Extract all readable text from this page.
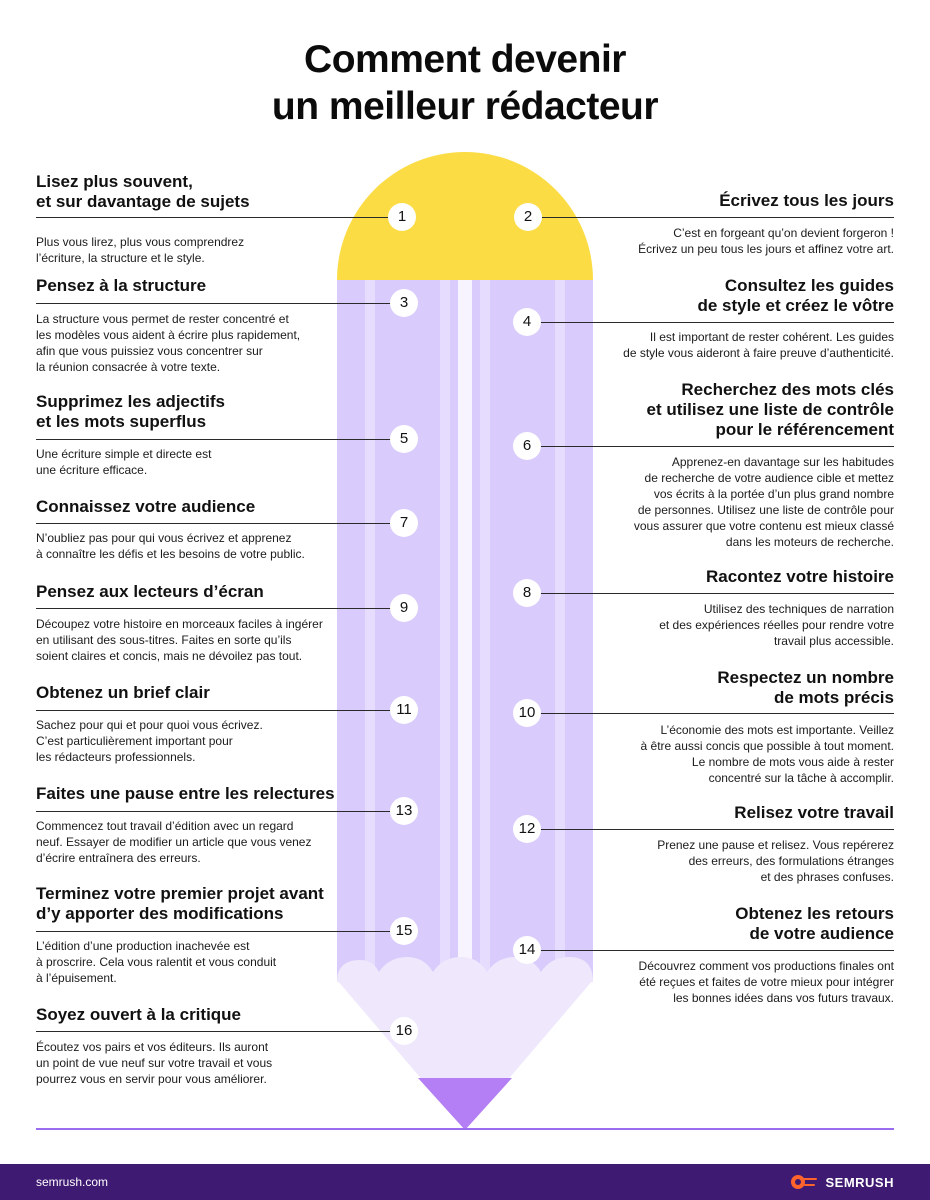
Comment devenir
un meilleur rédacteur
1	2
3
4
5	6
7
8
9
10
11
12
13
14
15
16
Lisez plus souvent,
et sur davantage de sujets

Plus vous lirez, plus vous comprendrez
l’écriture, la structure et le style.

Pensez à la structure

La structure vous permet de rester concentré et
les modèles vous aident à écrire plus rapidement,
afin que vous puissiez vous concentrer sur
la réunion consacrée à votre texte.

Supprimez les adjectifs
et les mots superflus

Une écriture simple et directe est
une écriture efficace.

Connaissez votre audience

N’oubliez pas pour qui vous écrivez et apprenez
à connaître les défis et les besoins de votre public.

Pensez aux lecteurs d’écran

Découpez votre histoire en morceaux faciles à ingérer
en utilisant des sous-titres. Faites en sorte qu’ils
soient claires et concis, mais ne dévoilez pas tout.

Obtenez un brief clair

Sachez pour qui et pour quoi vous écrivez.
C’est particulièrement important pour
les rédacteurs professionnels.

Faites une pause entre les relectures

Commencez tout travail d’édition avec un regard
neuf. Essayer de modifier un article que vous venez
d’écrire entraînera des erreurs.

Terminez votre premier projet avant
d’y apporter des modifications

L’édition d’une production inachevée est
à proscrire. Cela vous ralentit et vous conduit
à l’épuisement.

Soyez ouvert à la critique

Écoutez vos pairs et vos éditeurs. Ils auront
un point de vue neuf sur votre travail et vous
pourrez vous en servir pour vous améliorer.

Écrivez tous les jours

C’est en forgeant qu’on devient forgeron !
Écrivez un peu tous les jours et affinez votre art.

Consultez les guides
de style et créez le vôtre

Il est important de rester cohérent. Les guides
de style vous aideront à faire preuve d’authenticité.

Recherchez des mots clés
et utilisez une liste de contrôle
pour le référencement

Apprenez-en davantage sur les habitudes
de recherche de votre audience cible et mettez
vos écrits à la portée d’un plus grand nombre
de personnes. Utilisez une liste de contrôle pour
vous assurer que votre contenu est mieux classé
dans les moteurs de recherche.

Racontez votre histoire

Utilisez des techniques de narration
et des expériences réelles pour rendre votre
travail plus accessible.

Respectez un nombre
de mots précis

L’économie des mots est importante. Veillez
à être aussi concis que possible à tout moment.
Le nombre de mots vous aide à rester
concentré sur la tâche à accomplir.

Relisez votre travail

Prenez une pause et relisez. Vous repérerez
des erreurs, des formulations étranges
et des phrases confuses.

Obtenez les retours
de votre audience

Découvrez comment vos productions finales ont
été reçues et faites de votre mieux pour intégrer
les bonnes idées dans vos futurs travaux.

semrush.com	SEMRUSH
